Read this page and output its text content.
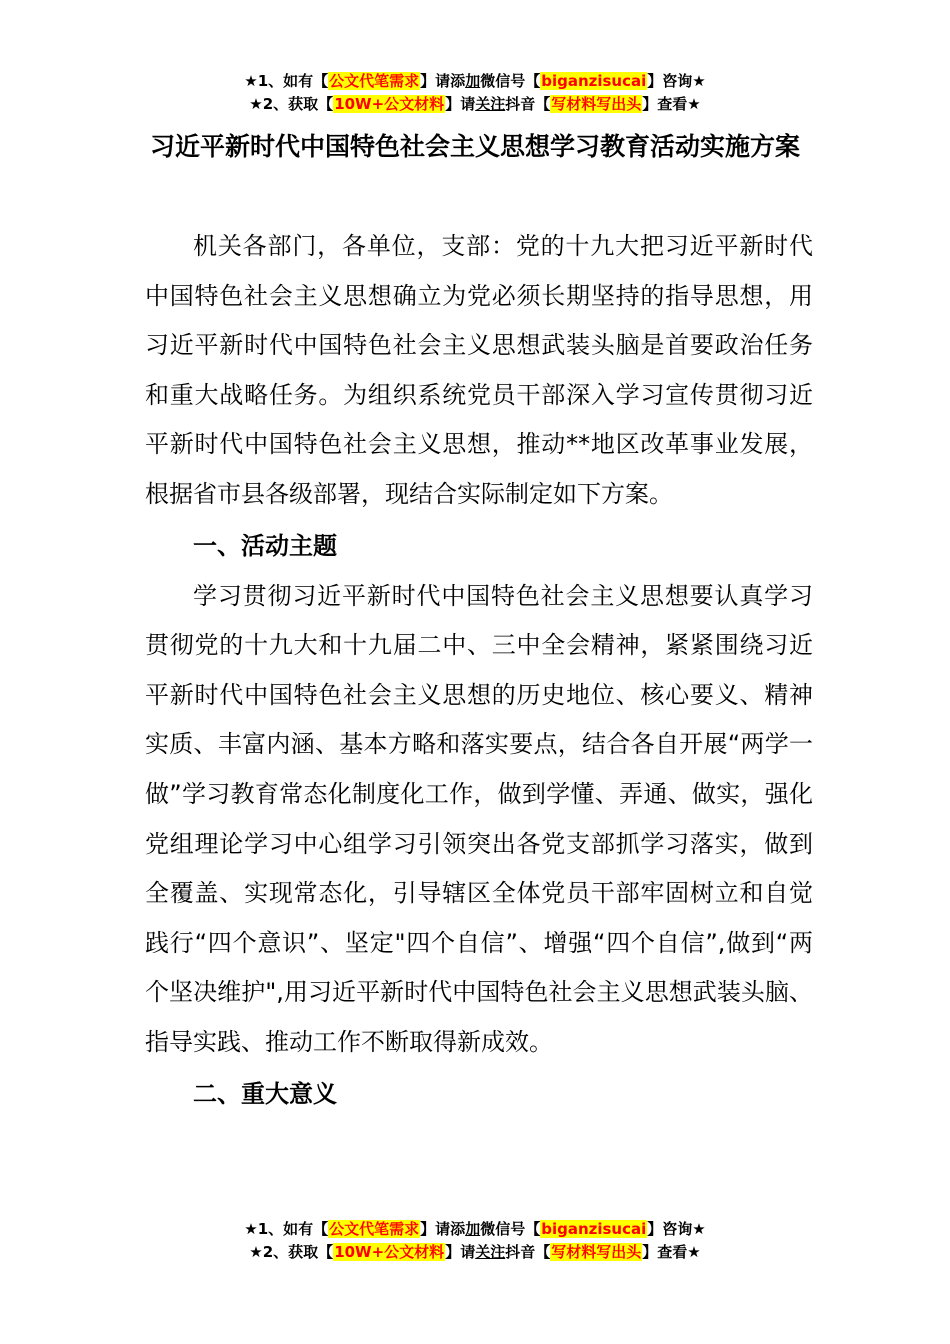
★1、如有【公文代笔需求】请添加微信号【biganzisucai】咨询★
★2、获取【10W+公文材料】请关注抖音【写材料写出头】查看★
习近平新时代中国特色社会主义思想学习教育活动实施方案

机关各部门，各单位，支部：党的十九大把习近平新时代中国特色社会主义思想确立为党必须长期坚持的指导思想，用习近平新时代中国特色社会主义思想武装头脑是首要政治任务和重大战略任务。为组织系统党员干部深入学习宣传贯彻习近平新时代中国特色社会主义思想，推动**地区改革事业发展，根据省市县各级部署，现结合实际制定如下方案。

一、活动主题

学习贯彻习近平新时代中国特色社会主义思想要认真学习贯彻党的十九大和十九届二中、三中全会精神，紧紧围绕习近平新时代中国特色社会主义思想的历史地位、核心要义、精神实质、丰富内涵、基本方略和落实要点，结合各自开展“两学一做”学习教育常态化制度化工作，做到学懂、弄通、做实，强化党组理论学习中心组学习引领突出各党支部抓学习落实，做到全覆盖、实现常态化，引导辖区全体党员干部牢固树立和自觉践行“四个意识”、坚定"四个自信”、增强“四个自信”,做到“两个坚决维护",用习近平新时代中国特色社会主义思想武装头脑、指导实践、推动工作不断取得新成效。

二、重大意义

★1、如有【公文代笔需求】请添加微信号【biganzisucai】咨询★
★2、获取【10W+公文材料】请关注抖音【写材料写出头】查看★
